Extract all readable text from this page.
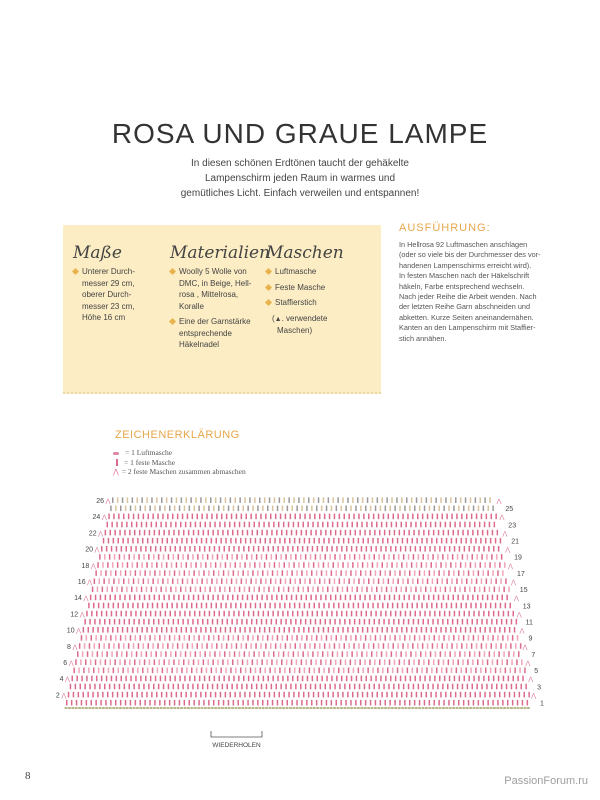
ROSA UND GRAUE LAMPE
In diesen schönen Erdtönen taucht der gehäkelte
Lampenschirm jeden Raum in warmes und
gemütliches Licht. Einfach verweilen und entspannen!
Maße
Unterer Durch-
messer 29 cm,
oberer Durch-
messer 23 cm,
Höhe 16 cm
Materialien
Woolly 5 Wolle von
DMC, in Beige, Hell-
rosa , Mittelrosa,
Koralle
Eine der Garnstärke
entsprechende
Häkelnadel
Maschen
Luftmasche
Feste Masche
Staffierstich
(▲. verwendete
Maschen)
AUSFÜHRUNG:
In Hellrosa 92 Luftmaschen anschlagen
(oder so viele bis der Durchmesser des vor-
handenen Lampenschirms erreicht wird).
In festen Maschen nach der Häkelschrift
häkeln, Farbe entsprechend wechseln.
Nach jeder Reihe die Arbeit wenden. Nach
der letzten Reihe Garn abschneiden und
abketten. Kurze Seiten aneinandernähen.
Kanten an den Lampenschirm mit Staffier-
stich annähen.
ZEICHENERKLÄRUNG
= 1 Luftmasche
= 1 feste Masche
⋀ = 2 feste Maschen zusammen abmaschen
⋀	⋀
⋀	⋀
⋀	⋀
⋀	⋀
⋀	⋀
⋀	⋀
⋀	⋀
⋀	⋀
⋀	⋀
⋀	⋀
⋀	⋀
⋀	⋀
⋀	⋀
2
4
6
8
10
12
14
16
18
20
22
24
26
1
3
5
7
9
11
13
15
17
19
21
23
25
WIEDERHOLEN
8	PassionForum.ru
